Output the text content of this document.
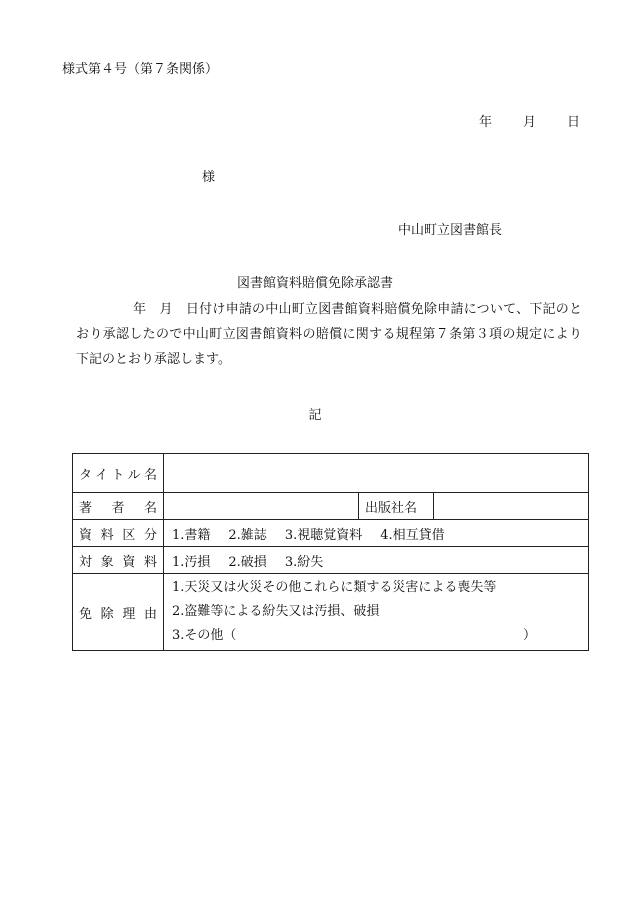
様式第４号（第７条関係）
年	月	日
様
中山町立図書館長
図書館資料賠償免除承認書
年　月　日付け申請の中山町立図書館資料賠償免除申請について、下記のとおり承認したので中山町立図書館資料の賠償に関する規程第７条第３項の規定により下記のとおり承認します。
記
タイトル名			
著者名		出版社名	
資料区分	1.書籍 2.雑誌 3.視聴覚資料 4.相互貸借		
対象資料	1.汚損 2.破損 3.紛失		
免除理由	1.天災又は火災その他これらに類する災害による喪失等
2.盗難等による紛失又は汚損、破損
3.その他（ ）		
